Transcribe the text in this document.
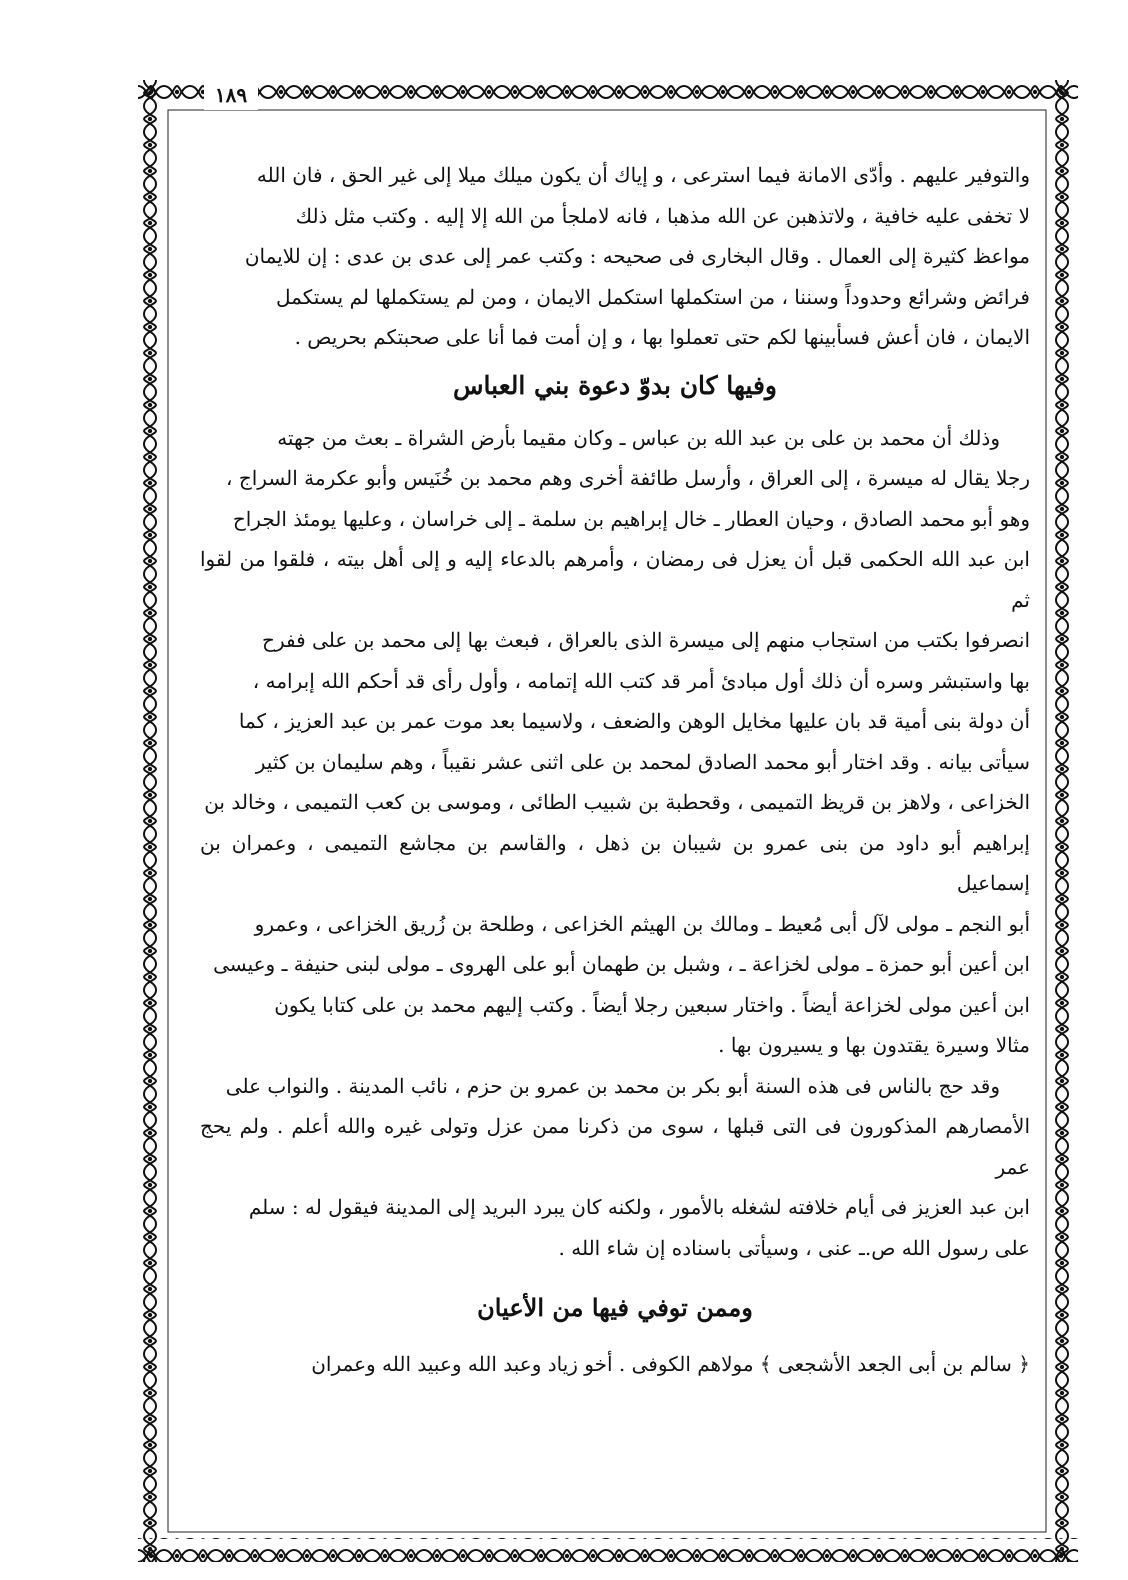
١٨٩

والتوفير عليهم . وأدّى الامانة فيما استرعى ، و إياك أن يكون ميلك ميلا إلى غير الحق ، فان الله

لا تخفى عليه خافية ، ولاتذهبن عن الله مذهبا ، فانه لاملجأ من الله إلا إليه . وكتب مثل ذلك

مواعظ كثيرة إلى العمال . وقال البخارى فى صحيحه : وكتب عمر إلى عدى بن عدى : إن للايمان

فرائض وشرائع وحدوداً وسننا ، من استكملها استكمل الايمان ، ومن لم يستكملها لم يستكمل

الايمان ، فان أعش فسأبينها لكم حتى تعملوا بها ، و إن أمت فما أنا على صحبتكم بحريص .

وفيها كان بدوّ دعوة بني العباس

وذلك أن محمد بن على بن عبد الله بن عباس ـ وكان مقيما بأرض الشراة ـ بعث من جهته

رجلا يقال له ميسرة ، إلى العراق ، وأرسل طائفة أخرى وهم محمد بن خُنَيس وأبو عكرمة السراج ،

وهو أبو محمد الصادق ، وحيان العطار ـ خال إبراهيم بن سلمة ـ إلى خراسان ، وعليها يومئذ الجراح

ابن عبد الله الحكمى قبل أن يعزل فى رمضان ، وأمرهم بالدعاء إليه و إلى أهل بيته ، فلقوا من لقوا ثم

انصرفوا بكتب من استجاب منهم إلى ميسرة الذى بالعراق ، فبعث بها إلى محمد بن على ففرح

بها واستبشر وسره أن ذلك أول مبادئ أمر قد كتب الله إتمامه ، وأول رأى قد أحكم الله إبرامه ،

أن دولة بنى أمية قد بان عليها مخايل الوهن والضعف ، ولاسيما بعد موت عمر بن عبد العزيز ، كما

سيأتى بيانه . وقد اختار أبو محمد الصادق لمحمد بن على اثنى عشر نقيباً ، وهم سليمان بن كثير

الخزاعى ، ولاهز بن قريظ التميمى ، وقحطبة بن شبيب الطائى ، وموسى بن كعب التميمى ، وخالد بن

إبراهيم أبو داود من بنى عمرو بن شيبان بن ذهل ، والقاسم بن مجاشع التميمى ، وعمران بن إسماعيل

أبو النجم ـ مولى لآل أبى مُعيط ـ ومالك بن الهيثم الخزاعى ، وطلحة بن زُريق الخزاعى ، وعمرو

ابن أعين أبو حمزة ـ مولى لخزاعة ـ ، وشبل بن طهمان أبو على الهروى ـ مولى لبنى حنيفة ـ وعيسى

ابن أعين مولى لخزاعة أيضاً . واختار سبعين رجلا أيضاً . وكتب إليهم محمد بن على كتابا يكون

مثالا وسيرة يقتدون بها و يسيرون بها .

وقد حج بالناس فى هذه السنة أبو بكر بن محمد بن عمرو بن حزم ، نائب المدينة . والنواب على

الأمصارهم المذكورون فى التى قبلها ، سوى من ذكرنا ممن عزل وتولى غيره والله أعلم . ولم يحج عمر

ابن عبد العزيز فى أيام خلافته لشغله بالأمور ، ولكنه كان يبرد البريد إلى المدينة فيقول له : سلم

على رسول الله ص.ـ عنى ، وسيأتى باسناده إن شاء الله .

وممن توفي فيها من الأعيان

﴿ سالم بن أبى الجعد الأشجعى ﴾ مولاهم الكوفى . أخو زياد وعبد الله وعبيد الله وعمران
